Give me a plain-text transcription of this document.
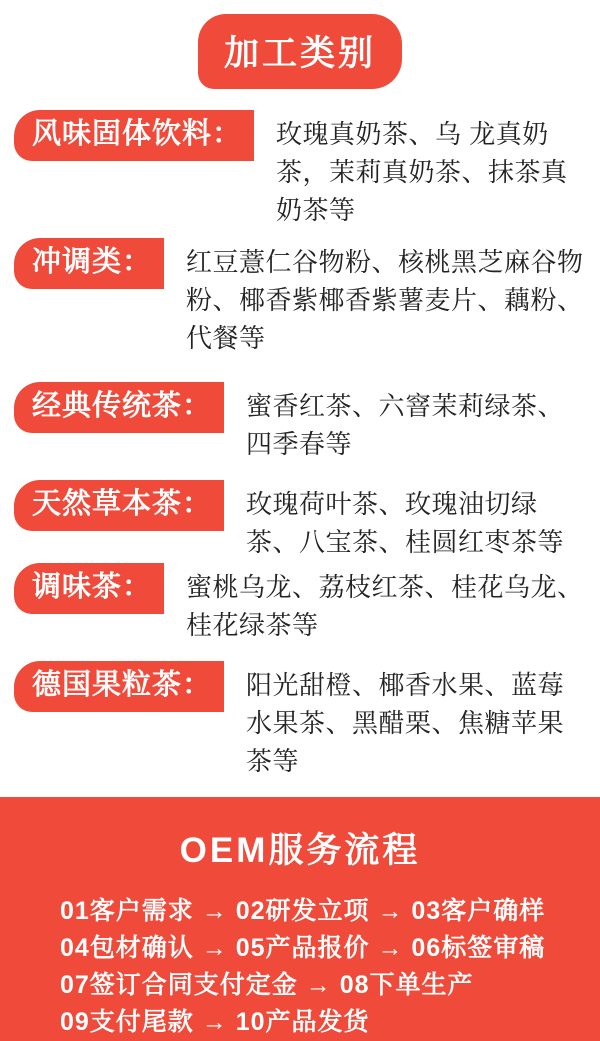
加工类别
风味固体饮料：	玫瑰真奶茶、乌 龙真奶茶，茉莉真奶茶、抹茶真奶茶等
冲调类：	红豆薏仁谷物粉、核桃黑芝麻谷物粉、椰香紫椰香紫薯麦片、藕粉、代餐等
经典传统茶：	蜜香红茶、六窨茉莉绿茶、四季春等
天然草本茶：	玫瑰荷叶茶、玫瑰油切绿茶、八宝茶、桂圆红枣茶等
调味茶：	蜜桃乌龙、荔枝红茶、桂花乌龙、桂花绿茶等
德国果粒茶：	阳光甜橙、椰香水果、蓝莓水果茶、黑醋栗、焦糖苹果茶等
OEM服务流程
01客户需求 → 02研发立项 → 03客户确样
04包材确认 → 05产品报价 → 06标签审稿
07签订合同支付定金 → 08下单生产
09支付尾款 → 10产品发货
